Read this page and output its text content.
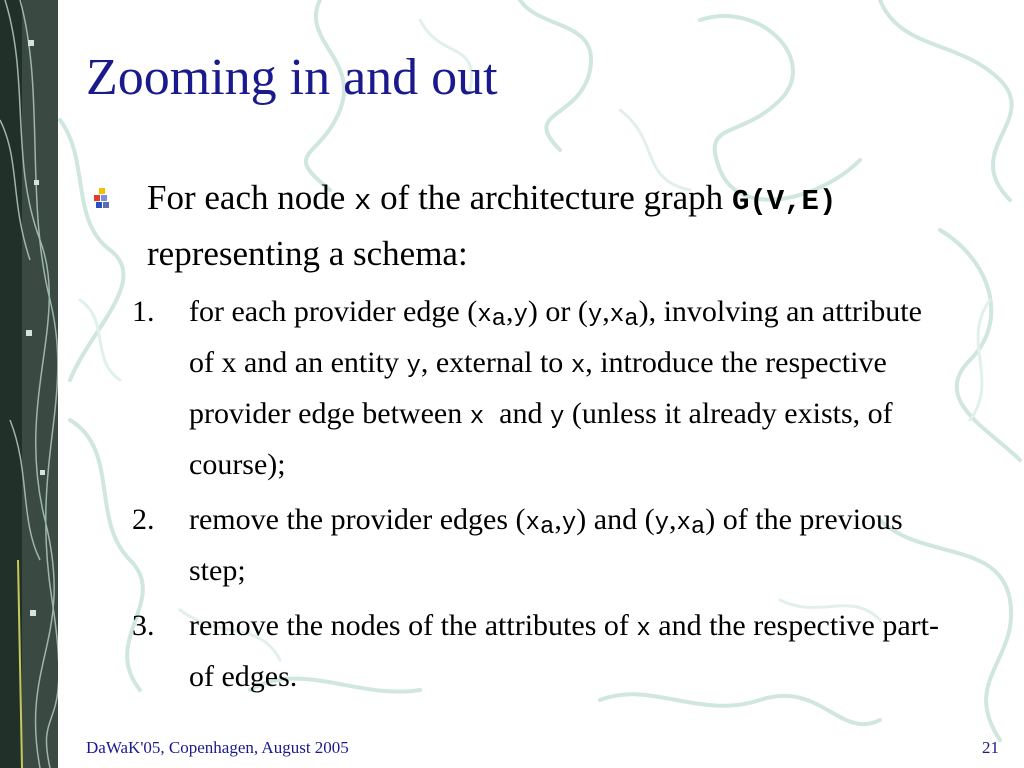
Zooming in and out
For each node x of the architecture graph G(V,E) representing a schema:
1.	for each provider edge $(x_a,y)$ or $(y,x_a)$, involving an attribute of x and an entity y, external to x, introduce the respective provider edge between x  and y (unless it already exists, of course);
2.	remove the provider edges $(x_a,y)$ and $(y,x_a)$ of the previous step;
3.	remove the nodes of the attributes of x and the respective part-of edges.
DaWaK'05, Copenhagen, August 2005	21
